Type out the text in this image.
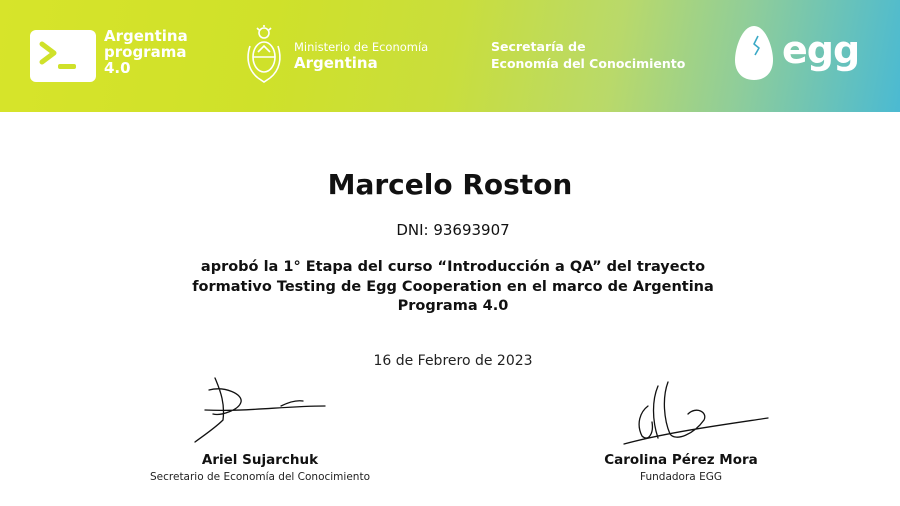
Argentina
programa
4.0
Ministerio de Economía
Argentina
Secretaría de
Economía del Conocimiento	egg
Marcelo Roston
DNI: 93693907
aprobó la 1° Etapa del curso “Introducción a QA” del trayecto formativo Testing de Egg Cooperation en el marco de Argentina Programa 4.0
16 de Febrero de 2023
Ariel Sujarchuk
Secretario de Economía del Conocimiento
Carolina Pérez Mora
Fundadora EGG
